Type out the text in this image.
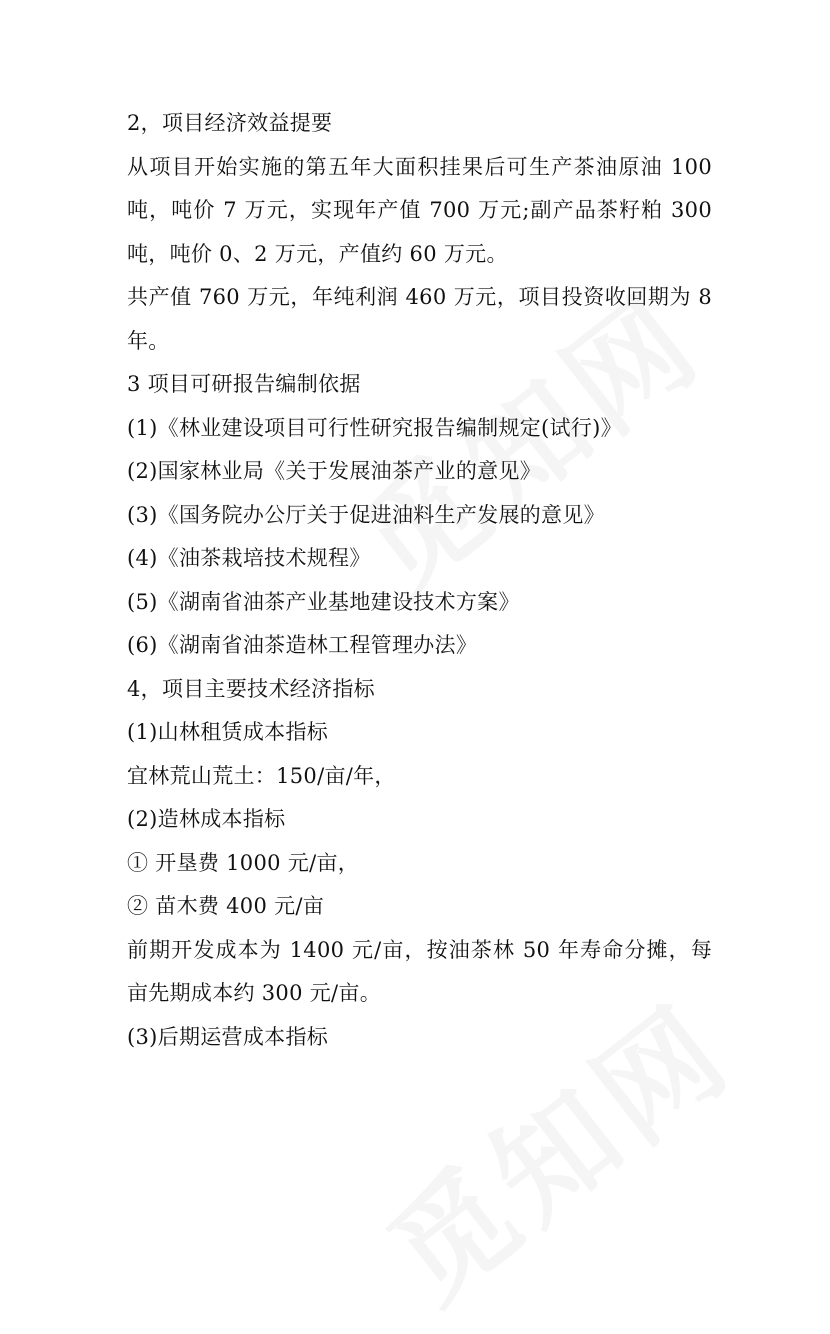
2，项目经济效益提要
从项目开始实施的第五年大面积挂果后可生产茶油原油 100
吨，吨价 7 万元，实现年产值 700 万元;副产品茶籽粕 300
吨，吨价 0、2 万元，产值约 60 万元。
共产值 760 万元，年纯利润 460 万元，项目投资收回期为 8
年。
3 项目可研报告编制依据
(1)《林业建设项目可行性研究报告编制规定(试行)》
(2)国家林业局《关于发展油茶产业的意见》
(3)《国务院办公厅关于促进油料生产发展的意见》
(4)《油茶栽培技术规程》
(5)《湖南省油茶产业基地建设技术方案》
(6)《湖南省油茶造林工程管理办法》
4，项目主要技术经济指标
(1)山林租赁成本指标
宜林荒山荒土：150/亩/年，
(2)造林成本指标
① 开垦费 1000 元/亩，
② 苗木费 400 元/亩
前期开发成本为 1400 元/亩，按油茶林 50 年寿命分摊，每
亩先期成本约 300 元/亩。
(3)后期运营成本指标
